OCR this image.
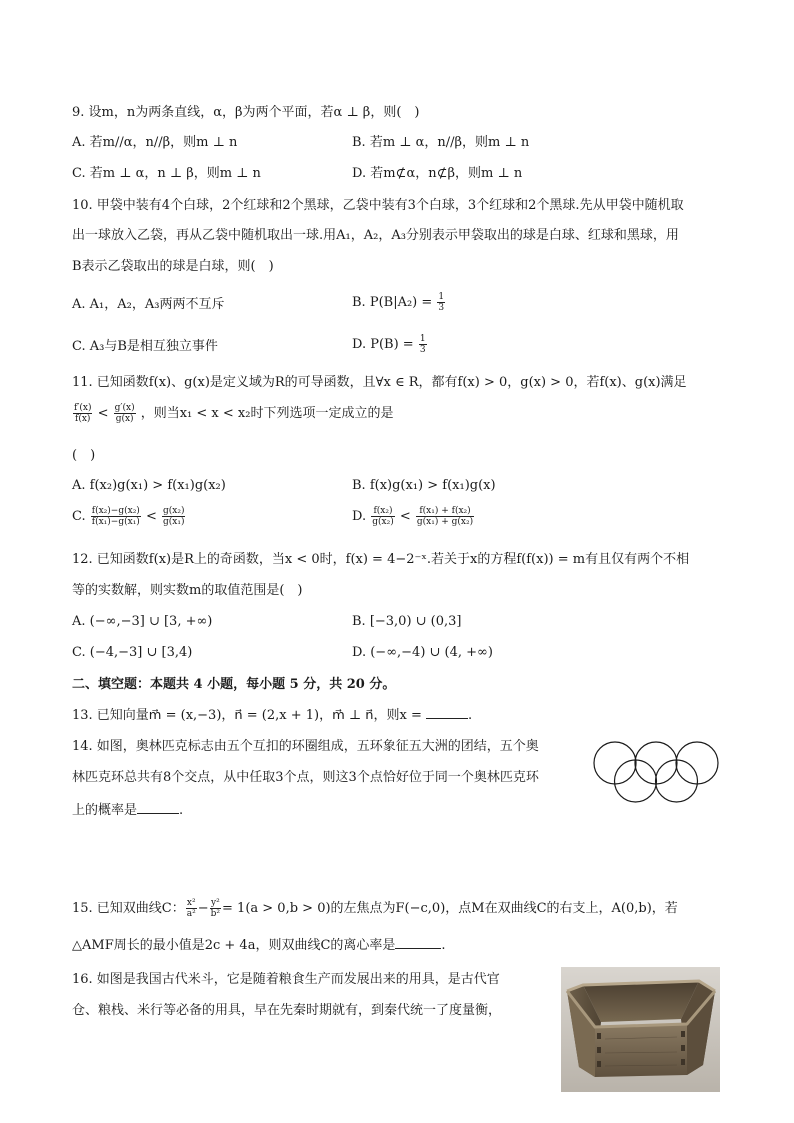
9. 设m，n为两条直线，α，β为两个平面，若α ⊥ β，则(　)
A. 若m//α，n//β，则m ⊥ n	B. 若m ⊥ α，n//β，则m ⊥ n
C. 若m ⊥ α，n ⊥ β，则m ⊥ n	D. 若m⊄α，n⊄β，则m ⊥ n
10. 甲袋中装有4个白球，2个红球和2个黑球，乙袋中装有3个白球，3个红球和2个黑球.先从甲袋中随机取
出一球放入乙袋，再从乙袋中随机取出一球.用A₁，A₂，A₃分别表示甲袋取出的球是白球、红球和黑球，用
B表示乙袋取出的球是白球，则(　)
A. A₁，A₂，A₃两两不互斥	B. $P(B|A_2) = \frac{1}{3}$
C. A₃与B是相互独立事件	D. $P(B) = \frac{1}{3}$
11. 已知函数f(x)、g(x)是定义域为R的可导函数，且∀x ∈ R，都有f(x) > 0，g(x) > 0，若f(x)、g(x)满足
$\frac{f'(x)}{f(x)} < \frac{g'(x)}{g(x)}$ ，则当x₁ < x < x₂时下列选项一定成立的是
(　)
A. f(x₂)g(x₁) > f(x₁)g(x₂)	B. f(x)g(x₁) > f(x₁)g(x)
C. $\frac{\text{f(x₂)−g(x₂)}}{\text{f(x₁)−g(x₁)}} < \frac{\text{g(x₂)}}{\text{g(x₁)}}$	D. $\frac{\text{f(x₂)}}{\text{g(x₂)}} < \frac{\text{f(x₁) + f(x₂)}}{\text{g(x₁) + g(x₂)}}$
12. 已知函数f(x)是R上的奇函数，当x < 0时，f(x) = 4−2⁻ˣ.若关于x的方程f(f(x)) = m有且仅有两个不相
等的实数解，则实数m的取值范围是(　)
A. (−∞,−3] ∪ [3, +∞)	B. [−3,0) ∪ (0,3]
C. (−4,−3] ∪ [3,4)	D. (−∞,−4) ∪ (4, +∞)
二、填空题：本题共 4 小题，每小题 5 分，共 20 分。
13. 已知向量m⃗ = (x,−3)，n⃗ = (2,x + 1)，m⃗ ⊥ n⃗，则x =	.
14. 如图，奥林匹克标志由五个互扣的环圈组成，五环象征五大洲的团结，五个奥
林匹克环总共有8个交点，从中任取3个点，则这3个点恰好位于同一个奥林匹克环
上的概率是	.
15. 已知双曲线C： $\frac{\text{x²}}{\text{a²}} - \frac{\text{y²}}{\text{b²}} = 1(a > 0,b > 0)$的左焦点为F(−c,0)，点M在双曲线C的右支上，A(0,b)，若
△AMF周长的最小值是2c + 4a，则双曲线C的离心率是	.
16. 如图是我国古代米斗，它是随着粮食生产而发展出来的用具，是古代官
仓、粮栈、米行等必备的用具，早在先秦时期就有，到秦代统一了度量衡，
